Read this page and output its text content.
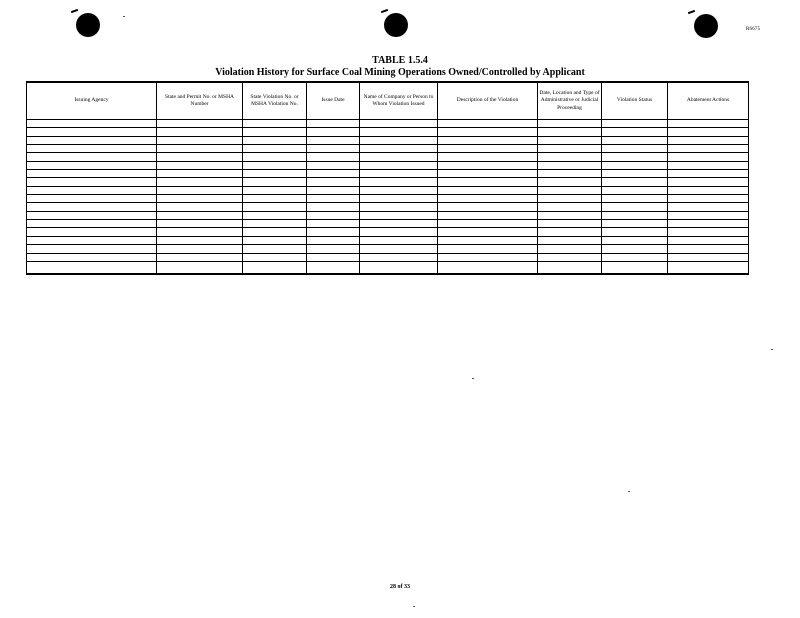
R6675
TABLE 1.5.4
Violation History for Surface Coal Mining Operations Owned/Controlled by Applicant
Issuing Agency	State and Permit No. or MSHA Number	State Violation No. or MSHA Violation No.	Issue Date	Name of Company or Person to Whom Violation Issued	Description of the Violation	Date, Location and Type of Administrative or Judicial Proceeding	Violation Status	Abatement Actions

28 of 33
